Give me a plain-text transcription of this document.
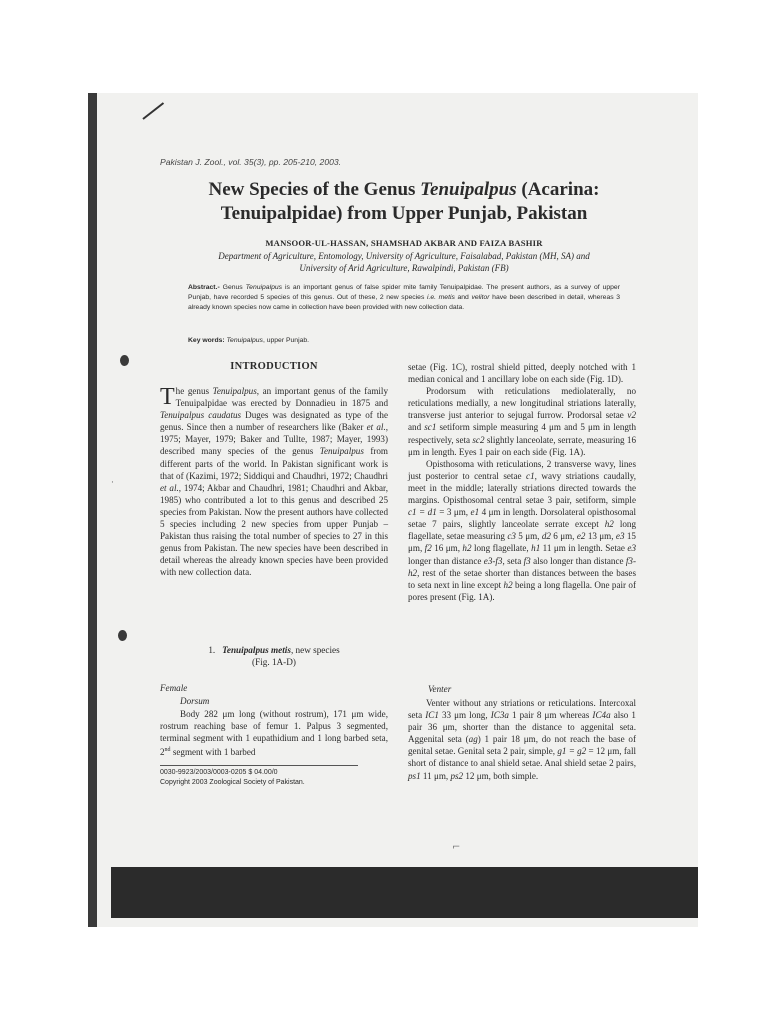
·
Pakistan J. Zool., vol. 35(3), pp. 205-210, 2003.
New Species of the Genus Tenuipalpus (Acarina:
Tenuipalpidae) from Upper Punjab, Pakistan
MANSOOR-UL-HASSAN, SHAMSHAD AKBAR AND FAIZA BASHIR
Department of Agriculture, Entomology, University of Agriculture, Faisalabad, Pakistan (MH, SA) and
University of Arid Agriculture, Rawalpindi, Pakistan (FB)
Abstract.- Genus Tenuipalpus is an important genus of false spider mite family Tenuipalpidae. The present authors, as a survey of upper Punjab, have recorded 5 species of this genus. Out of these, 2 new species i.e. metis and velitor have been described in detail, whereas 3 already known species now came in collection have been provided with new collection data.
Key words: Tenuipalpus, upper Punjab.
INTRODUCTION
The genus Tenuipalpus, an important genus of the family Tenuipalpidae was erected by Donnadieu in 1875 and Tenuipalpus caudatus Duges was designated as type of the genus. Since then a number of researchers like (Baker et al., 1975; Mayer, 1979; Baker and Tullte, 1987; Mayer, 1993) described many species of the genus Tenuipalpus from different parts of the world. In Pakistan significant work is that of (Kazimi, 1972; Siddiqui and Chaudhri, 1972; Chaudhri et al., 1974; Akbar and Chaudhri, 1981; Chaudhri and Akbar, 1985) who contributed a lot to this genus and described 25 species from Pakistan. Now the present authors have collected 5 species including 2 new species from upper Punjab – Pakistan thus raising the total number of species to 27 in this genus from Pakistan. The new species have been described in detail whereas the already known species have been provided with new collection data.
1. Tenuipalpus metis, new species
(Fig. 1A-D)
Female
Dorsum
Body 282 μm long (without rostrum), 171 μm wide, rostrum reaching base of femur 1. Palpus 3 segmented, terminal segment with 1 eupathidium and 1 long barbed seta, 2nd segment with 1 barbed
0030-9923/2003/0003-0205 $ 04.00/0
Copyright 2003 Zoological Society of Pakistan.
setae (Fig. 1C), rostral shield pitted, deeply notched with 1 median conical and 1 ancillary lobe on each side (Fig. 1D).
Prodorsum with reticulations mediolaterally, no reticulations medially, a new longitudinal striations laterally, transverse just anterior to sejugal furrow. Prodorsal setae v2 and sc1 setiform simple measuring 4 μm and 5 μm in length respectively, seta sc2 slightly lanceolate, serrate, measuring 16 μm in length. Eyes 1 pair on each side (Fig. 1A).
Opisthosoma with reticulations, 2 transverse wavy, lines just posterior to central setae c1, wavy striations caudally, meet in the middle; laterally striations directed towards the margins. Opisthosomal central setae 3 pair, setiform, simple c1 = d1 = 3 μm, e1 4 μm in length. Dorsolateral opisthosomal setae 7 pairs, slightly lanceolate serrate except h2 long flagellate, setae measuring c3 5 μm, d2 6 μm, e2 13 μm, e3 15 μm, f2 16 μm, h2 long flagellate, h1 11 μm in length. Setae e3 longer than distance e3-f3, seta f3 also longer than distance f3-h2, rest of the setae shorter than distances between the bases to seta next in line except h2 being a long flagella. One pair of pores present (Fig. 1A).
Venter
Venter without any striations or reticulations. Intercoxal seta IC1 33 μm long, IC3a 1 pair 8 μm whereas IC4a also 1 pair 36 μm, shorter than the distance to aggenital seta. Aggenital seta (ag) 1 pair 18 μm, do not reach the base of genital setae. Genital seta 2 pair, simple, g1 = g2 = 12 μm, fall short of distance to anal shield setae. Anal shield setae 2 pairs, ps1 11 μm, ps2 12 μm, both simple.
⌐
